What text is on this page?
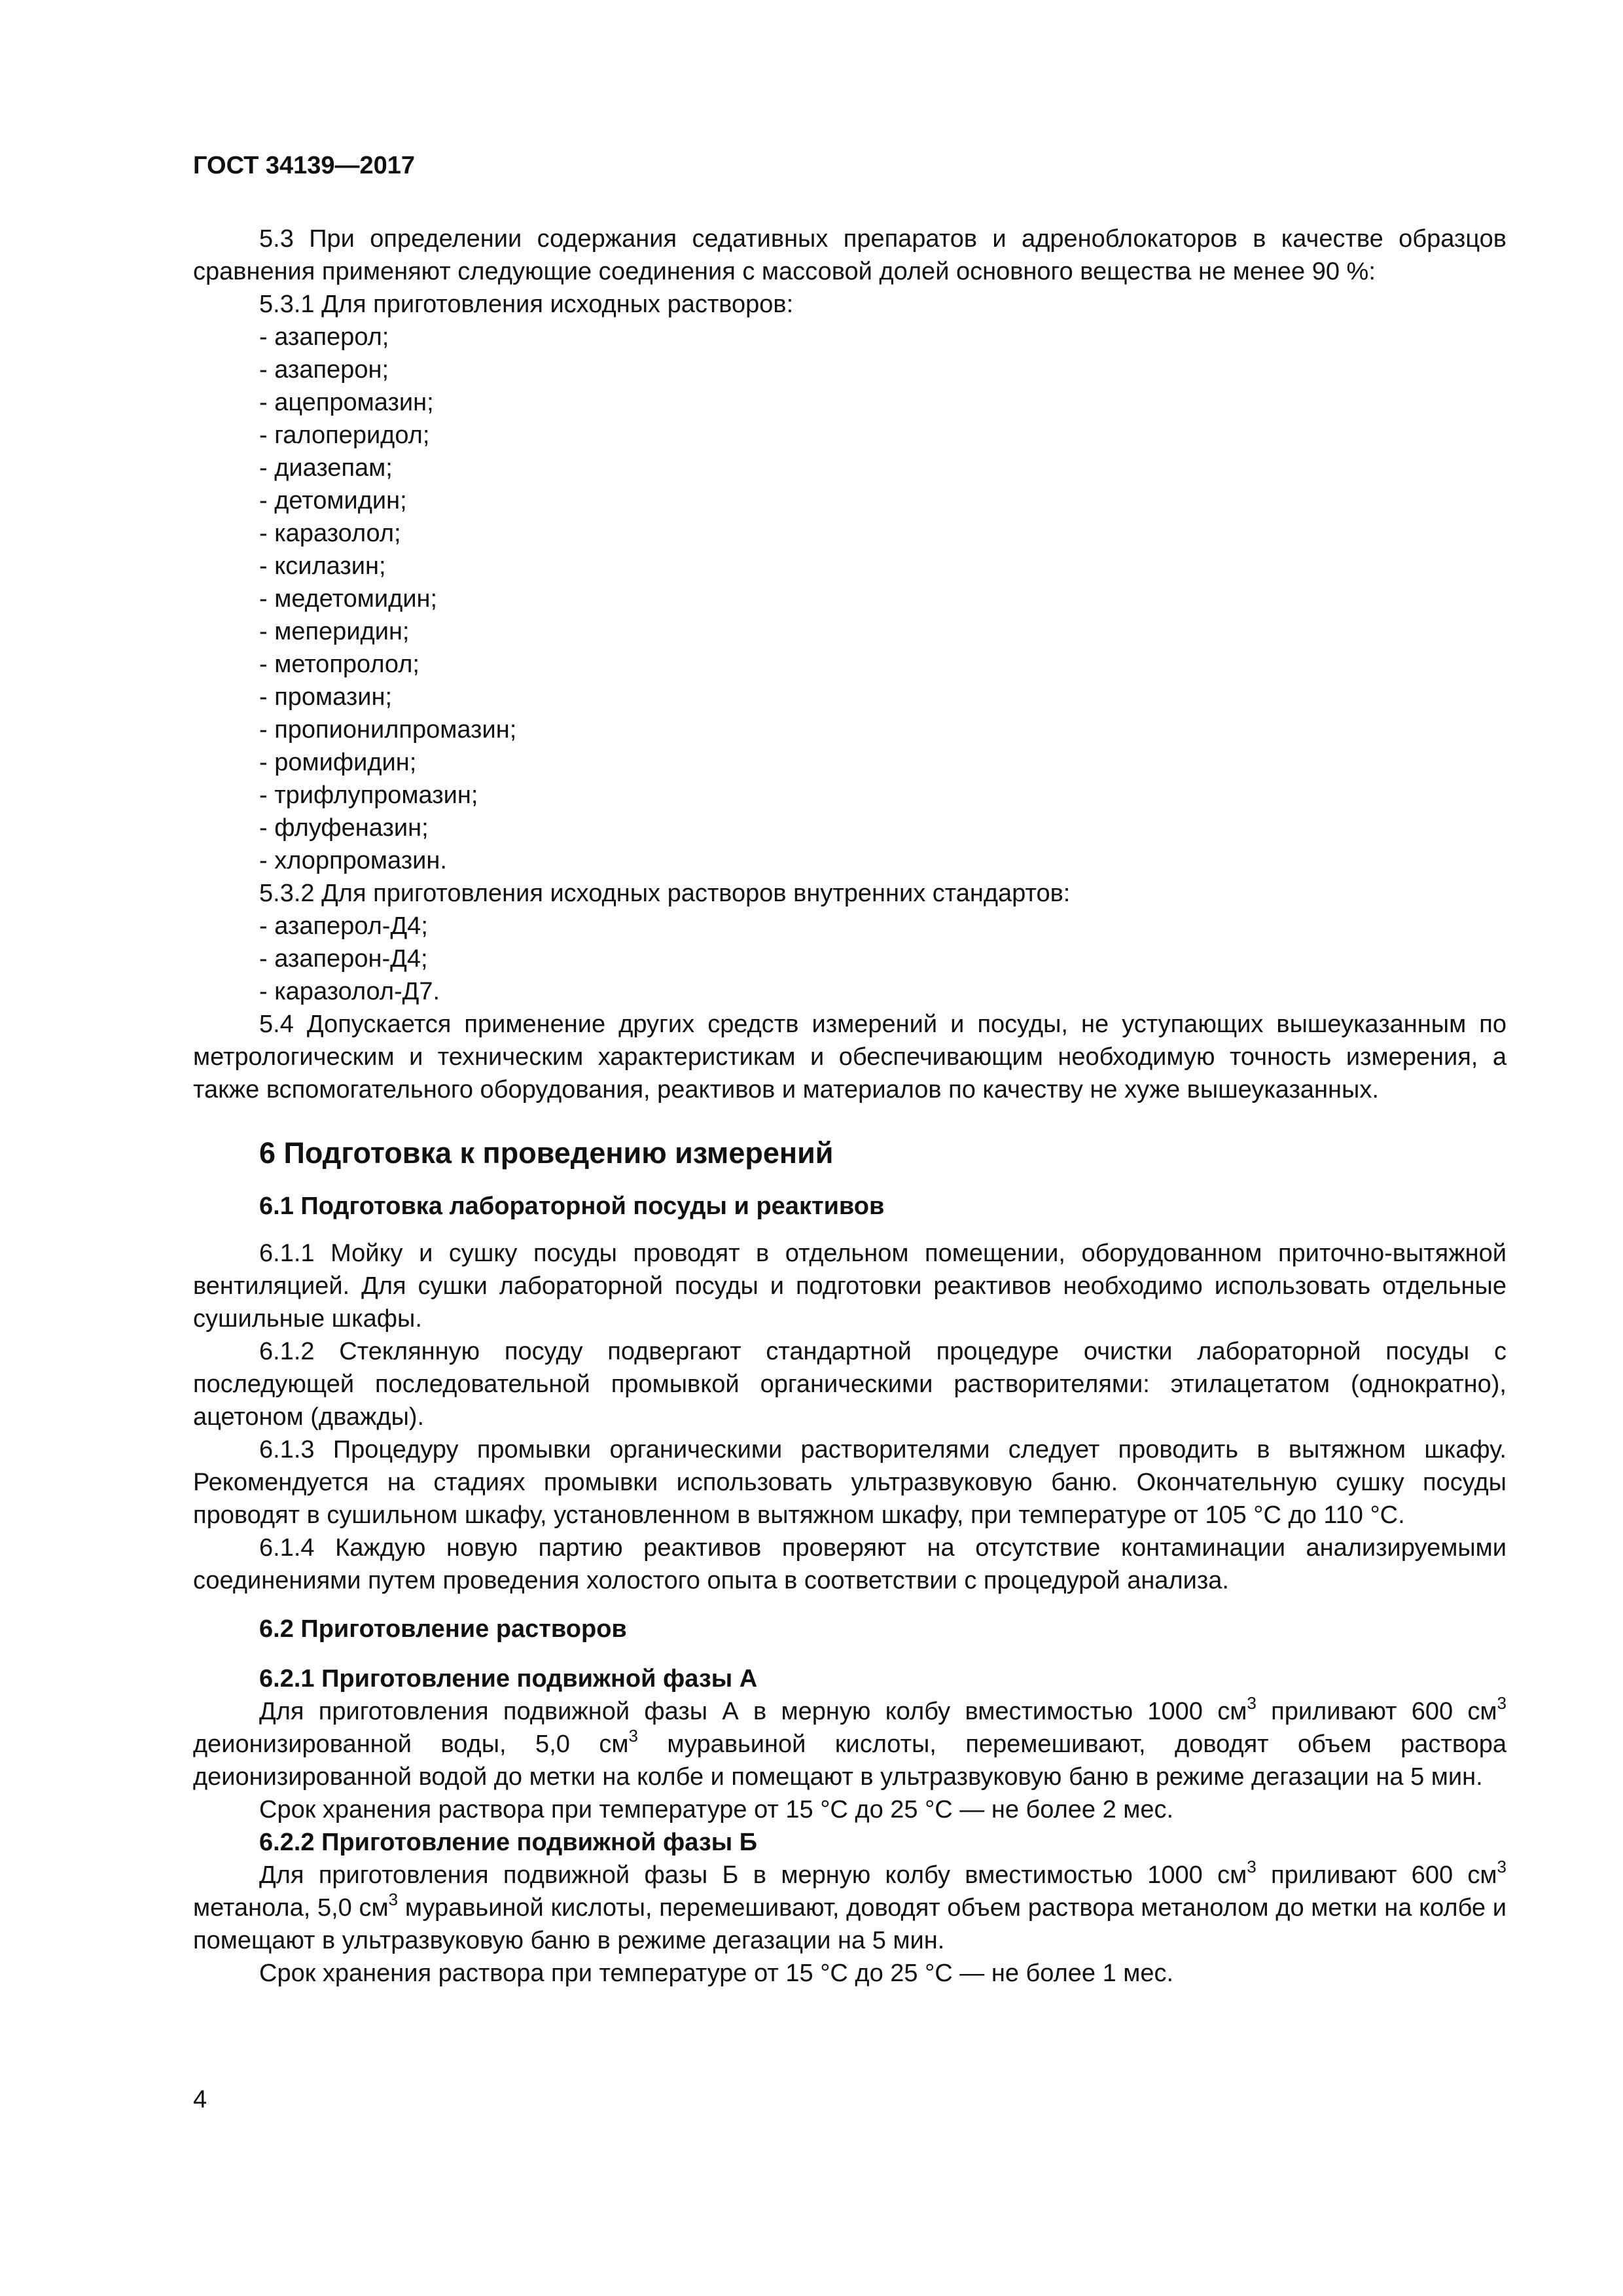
ГОСТ 34139—2017

5.3 При определении содержания седативных препаратов и адреноблокаторов в качестве образцов сравнения применяют следующие соединения с массовой долей основного вещества не менее 90 %:

5.3.1 Для приготовления исходных растворов:

- азаперол;

- азаперон;

- ацепромазин;

- галоперидол;

- диазепам;

- детомидин;

- каразолол;

- ксилазин;

- медетомидин;

- меперидин;

- метопролол;

- промазин;

- пропионилпромазин;

- ромифидин;

- трифлупромазин;

- флуфеназин;

- хлорпромазин.

5.3.2 Для приготовления исходных растворов внутренних стандартов:

- азаперол-Д4;

- азаперон-Д4;

- каразолол-Д7.

5.4 Допускается применение других средств измерений и посуды, не уступающих вышеуказанным по метрологическим и техническим характеристикам и обеспечивающим необходимую точность измерения, а также вспомогательного оборудования, реактивов и материалов по качеству не хуже вышеуказанных.

6 Подготовка к проведению измерений

6.1 Подготовка лабораторной посуды и реактивов

6.1.1 Мойку и сушку посуды проводят в отдельном помещении, оборудованном приточно-вытяжной вентиляцией. Для сушки лабораторной посуды и подготовки реактивов необходимо использовать отдельные сушильные шкафы.

6.1.2 Стеклянную посуду подвергают стандартной процедуре очистки лабораторной посуды с последующей последовательной промывкой органическими растворителями: этилацетатом (однократно), ацетоном (дважды).

6.1.3 Процедуру промывки органическими растворителями следует проводить в вытяжном шкафу. Рекомендуется на стадиях промывки использовать ультразвуковую баню. Окончательную сушку посуды проводят в сушильном шкафу, установленном в вытяжном шкафу, при температуре от 105 °С до 110 °С.

6.1.4 Каждую новую партию реактивов проверяют на отсутствие контаминации анализируемыми соединениями путем проведения холостого опыта в соответствии с процедурой анализа.

6.2 Приготовление растворов

6.2.1 Приготовление подвижной фазы А

Для приготовления подвижной фазы А в мерную колбу вместимостью 1000 $см^3$ приливают 600 $см^3$ деионизированной воды, 5,0 $см^3$ муравьиной кислоты, перемешивают, доводят объем раствора деионизированной водой до метки на колбе и помещают в ультразвуковую баню в режиме дегазации на 5 мин.

Срок хранения раствора при температуре от 15 °С до 25 °С — не более 2 мес.

6.2.2 Приготовление подвижной фазы Б

Для приготовления подвижной фазы Б в мерную колбу вместимостью 1000 $см^3$ приливают 600 $см^3$ метанола, 5,0 $см^3$ муравьиной кислоты, перемешивают, доводят объем раствора метанолом до метки на колбе и помещают в ультразвуковую баню в режиме дегазации на 5 мин.

Срок хранения раствора при температуре от 15 °С до 25 °С — не более 1 мес.

4
